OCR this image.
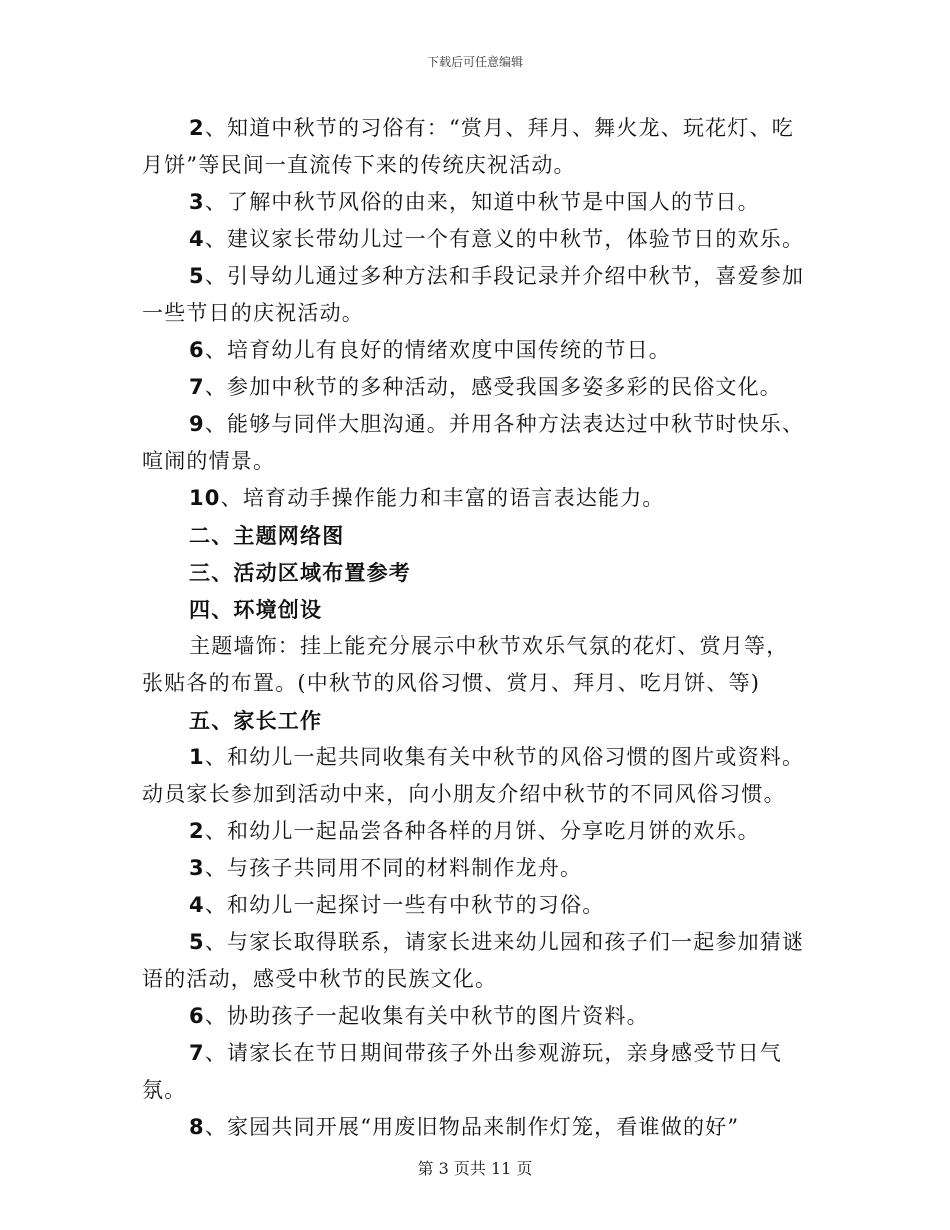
下载后可任意编辑

2、知道中秋节的习俗有：“赏月、拜月、舞火龙、玩花灯、吃月饼”等民间一直流传下来的传统庆祝活动。

3、了解中秋节风俗的由来，知道中秋节是中国人的节日。

4、建议家长带幼儿过一个有意义的中秋节，体验节日的欢乐。

5、引导幼儿通过多种方法和手段记录并介绍中秋节，喜爱参加一些节日的庆祝活动。

6、培育幼儿有良好的情绪欢度中国传统的节日。

7、参加中秋节的多种活动，感受我国多姿多彩的民俗文化。

9、能够与同伴大胆沟通。并用各种方法表达过中秋节时快乐、喧闹的情景。

10、培育动手操作能力和丰富的语言表达能力。

二、主题网络图

三、活动区域布置参考

四、环境创设

主题墙饰：挂上能充分展示中秋节欢乐气氛的花灯、赏月等，张贴各的布置。(中秋节的风俗习惯、赏月、拜月、吃月饼、等)

五、家长工作

1、和幼儿一起共同收集有关中秋节的风俗习惯的图片或资料。动员家长参加到活动中来，向小朋友介绍中秋节的不同风俗习惯。

2、和幼儿一起品尝各种各样的月饼、分享吃月饼的欢乐。

3、与孩子共同用不同的材料制作龙舟。

4、和幼儿一起探讨一些有中秋节的习俗。

5、与家长取得联系，请家长进来幼儿园和孩子们一起参加猜谜语的活动，感受中秋节的民族文化。

6、协助孩子一起收集有关中秋节的图片资料。

7、请家长在节日期间带孩子外出参观游玩，亲身感受节日气氛。

8、家园共同开展“用废旧物品来制作灯笼，看谁做的好”

第 3 页共 11 页
